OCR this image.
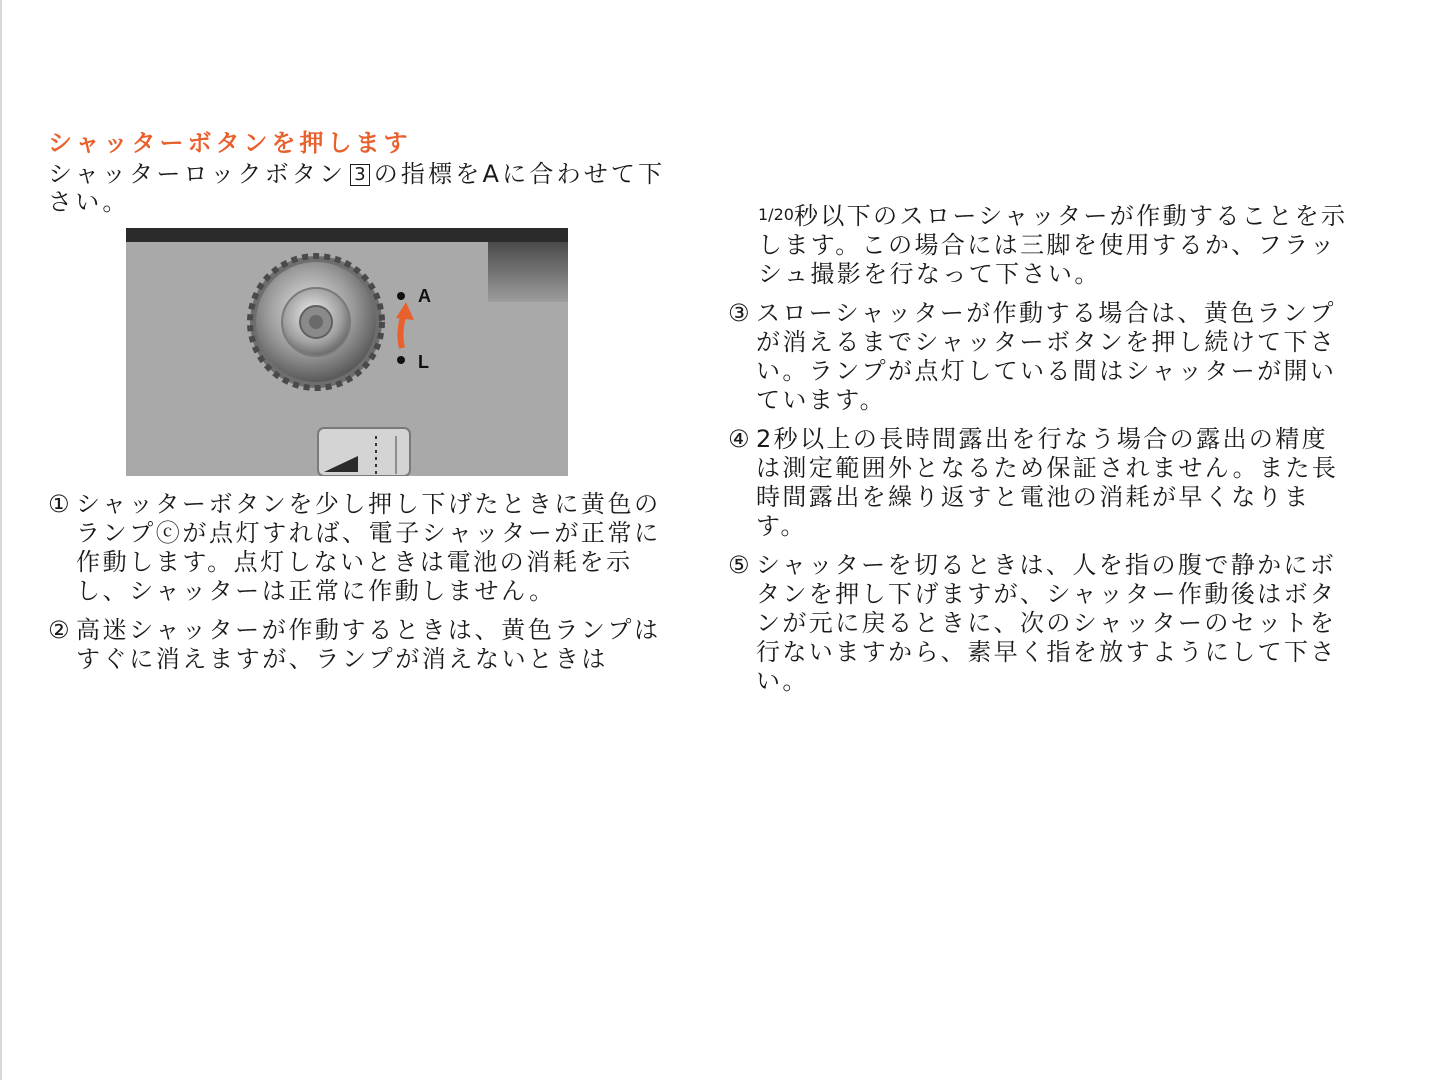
シャッターボタンを押します

シャッターロックボタン 3 の指標をAに合わせて下さい。

A
L
① シャッターボタンを少し押し下げたときに黄色のランプⓒが点灯すれば、電子シャッターが正常に作動します。点灯しないときは電池の消耗を示し、シャッターは正常に作動しません。
② 高迷シャッターが作動するときは、黄色ランプはすぐに消えますが、ランプが消えないときは

1/20秒以下のスローシャッターが作動することを示します。この場合には三脚を使用するか、フラッシュ撮影を行なって下さい。

③ スローシャッターが作動する場合は、黄色ランプが消えるまでシャッターボタンを押し続けて下さい。ランプが点灯している間はシャッターが開いています。
④ 2秒以上の長時間露出を行なう場合の露出の精度は測定範囲外となるため保証されません。また長時間露出を繰り返すと電池の消耗が早くなります。
⑤ シャッターを切るときは、人を指の腹で静かにボタンを押し下げますが、シャッター作動後はボタンが元に戻るときに、次のシャッターのセットを行ないますから、素早く指を放すようにして下さい。
